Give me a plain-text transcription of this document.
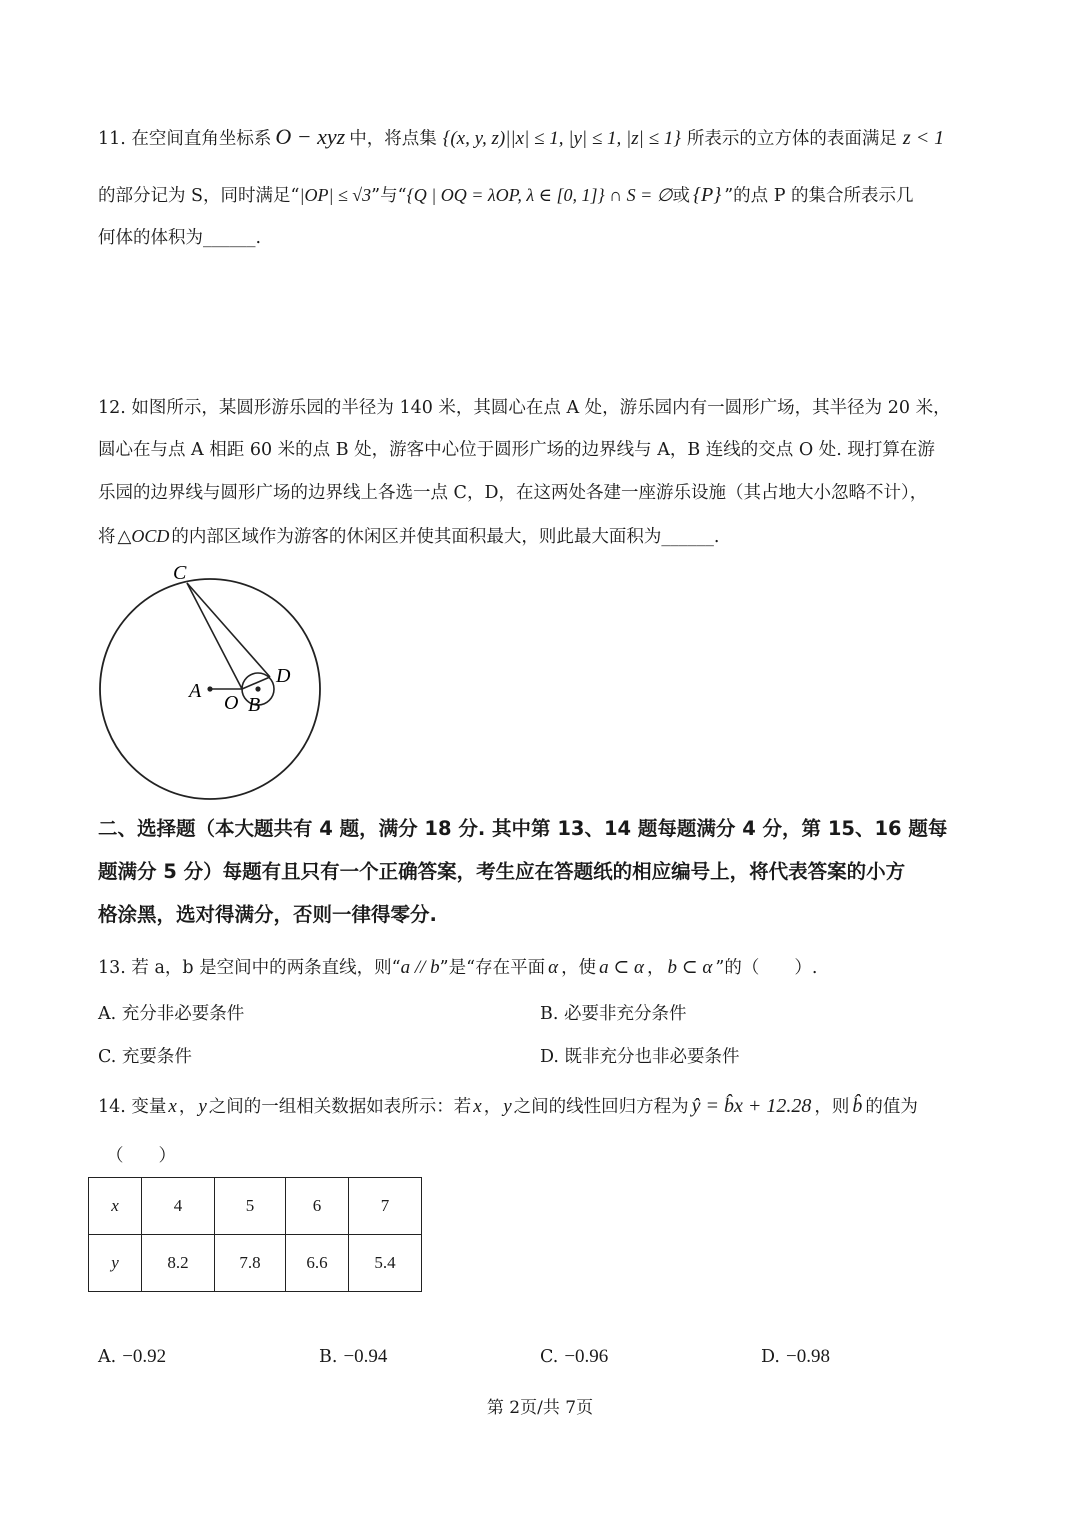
11. 在空间直角坐标系 O − xyz 中，将点集 {(x, y, z)||x| ≤ 1, |y| ≤ 1, |z| ≤ 1} 所表示的立方体的表面满足 z < 1
的部分记为 S，同时满足“|OP| ≤ √3”与“{Q | OQ = λOP, λ ∈ [0, 1]} ∩ S = ∅或 {P} ”的点 P 的集合所表示几
何体的体积为______.
12. 如图所示，某圆形游乐园的半径为 140 米，其圆心在点 A 处，游乐园内有一圆形广场，其半径为 20 米，
圆心在与点 A 相距 60 米的点 B 处，游客中心位于圆形广场的边界线与 A，B 连线的交点 O 处. 现打算在游
乐园的边界线与圆形广场的边界线上各选一点 C，D，在这两处各建一座游乐设施（其占地大小忽略不计），
将 △OCD 的内部区域作为游客的休闲区并使其面积最大，则此最大面积为______.
C
D
A
O B
二、选择题（本大题共有 4 题，满分 18 分. 其中第 13、14 题每题满分 4 分，第 15、16 题每
题满分 5 分）每题有且只有一个正确答案，考生应在答题纸的相应编号上，将代表答案的小方
格涂黑，选对得满分，否则一律得零分.
13. 若 a，b 是空间中的两条直线，则“a // b”是“存在平面 α ，使 a ⊂ α ， b ⊂ α ”的（　　）.
A. 充分非必要条件	B. 必要非充分条件
C. 充要条件	D. 既非充分也非必要条件
14. 变量 x ， y 之间的一组相关数据如表所示：若 x ， y 之间的线性回归方程为 ŷ = b̂x + 12.28 ，则 b̂ 的值为
（　　）
x	4	5	6	7
y	8.2	7.8	6.6	5.4
A. −0.92	B. −0.94	C. −0.96	D. −0.98
第 2页/共 7页
